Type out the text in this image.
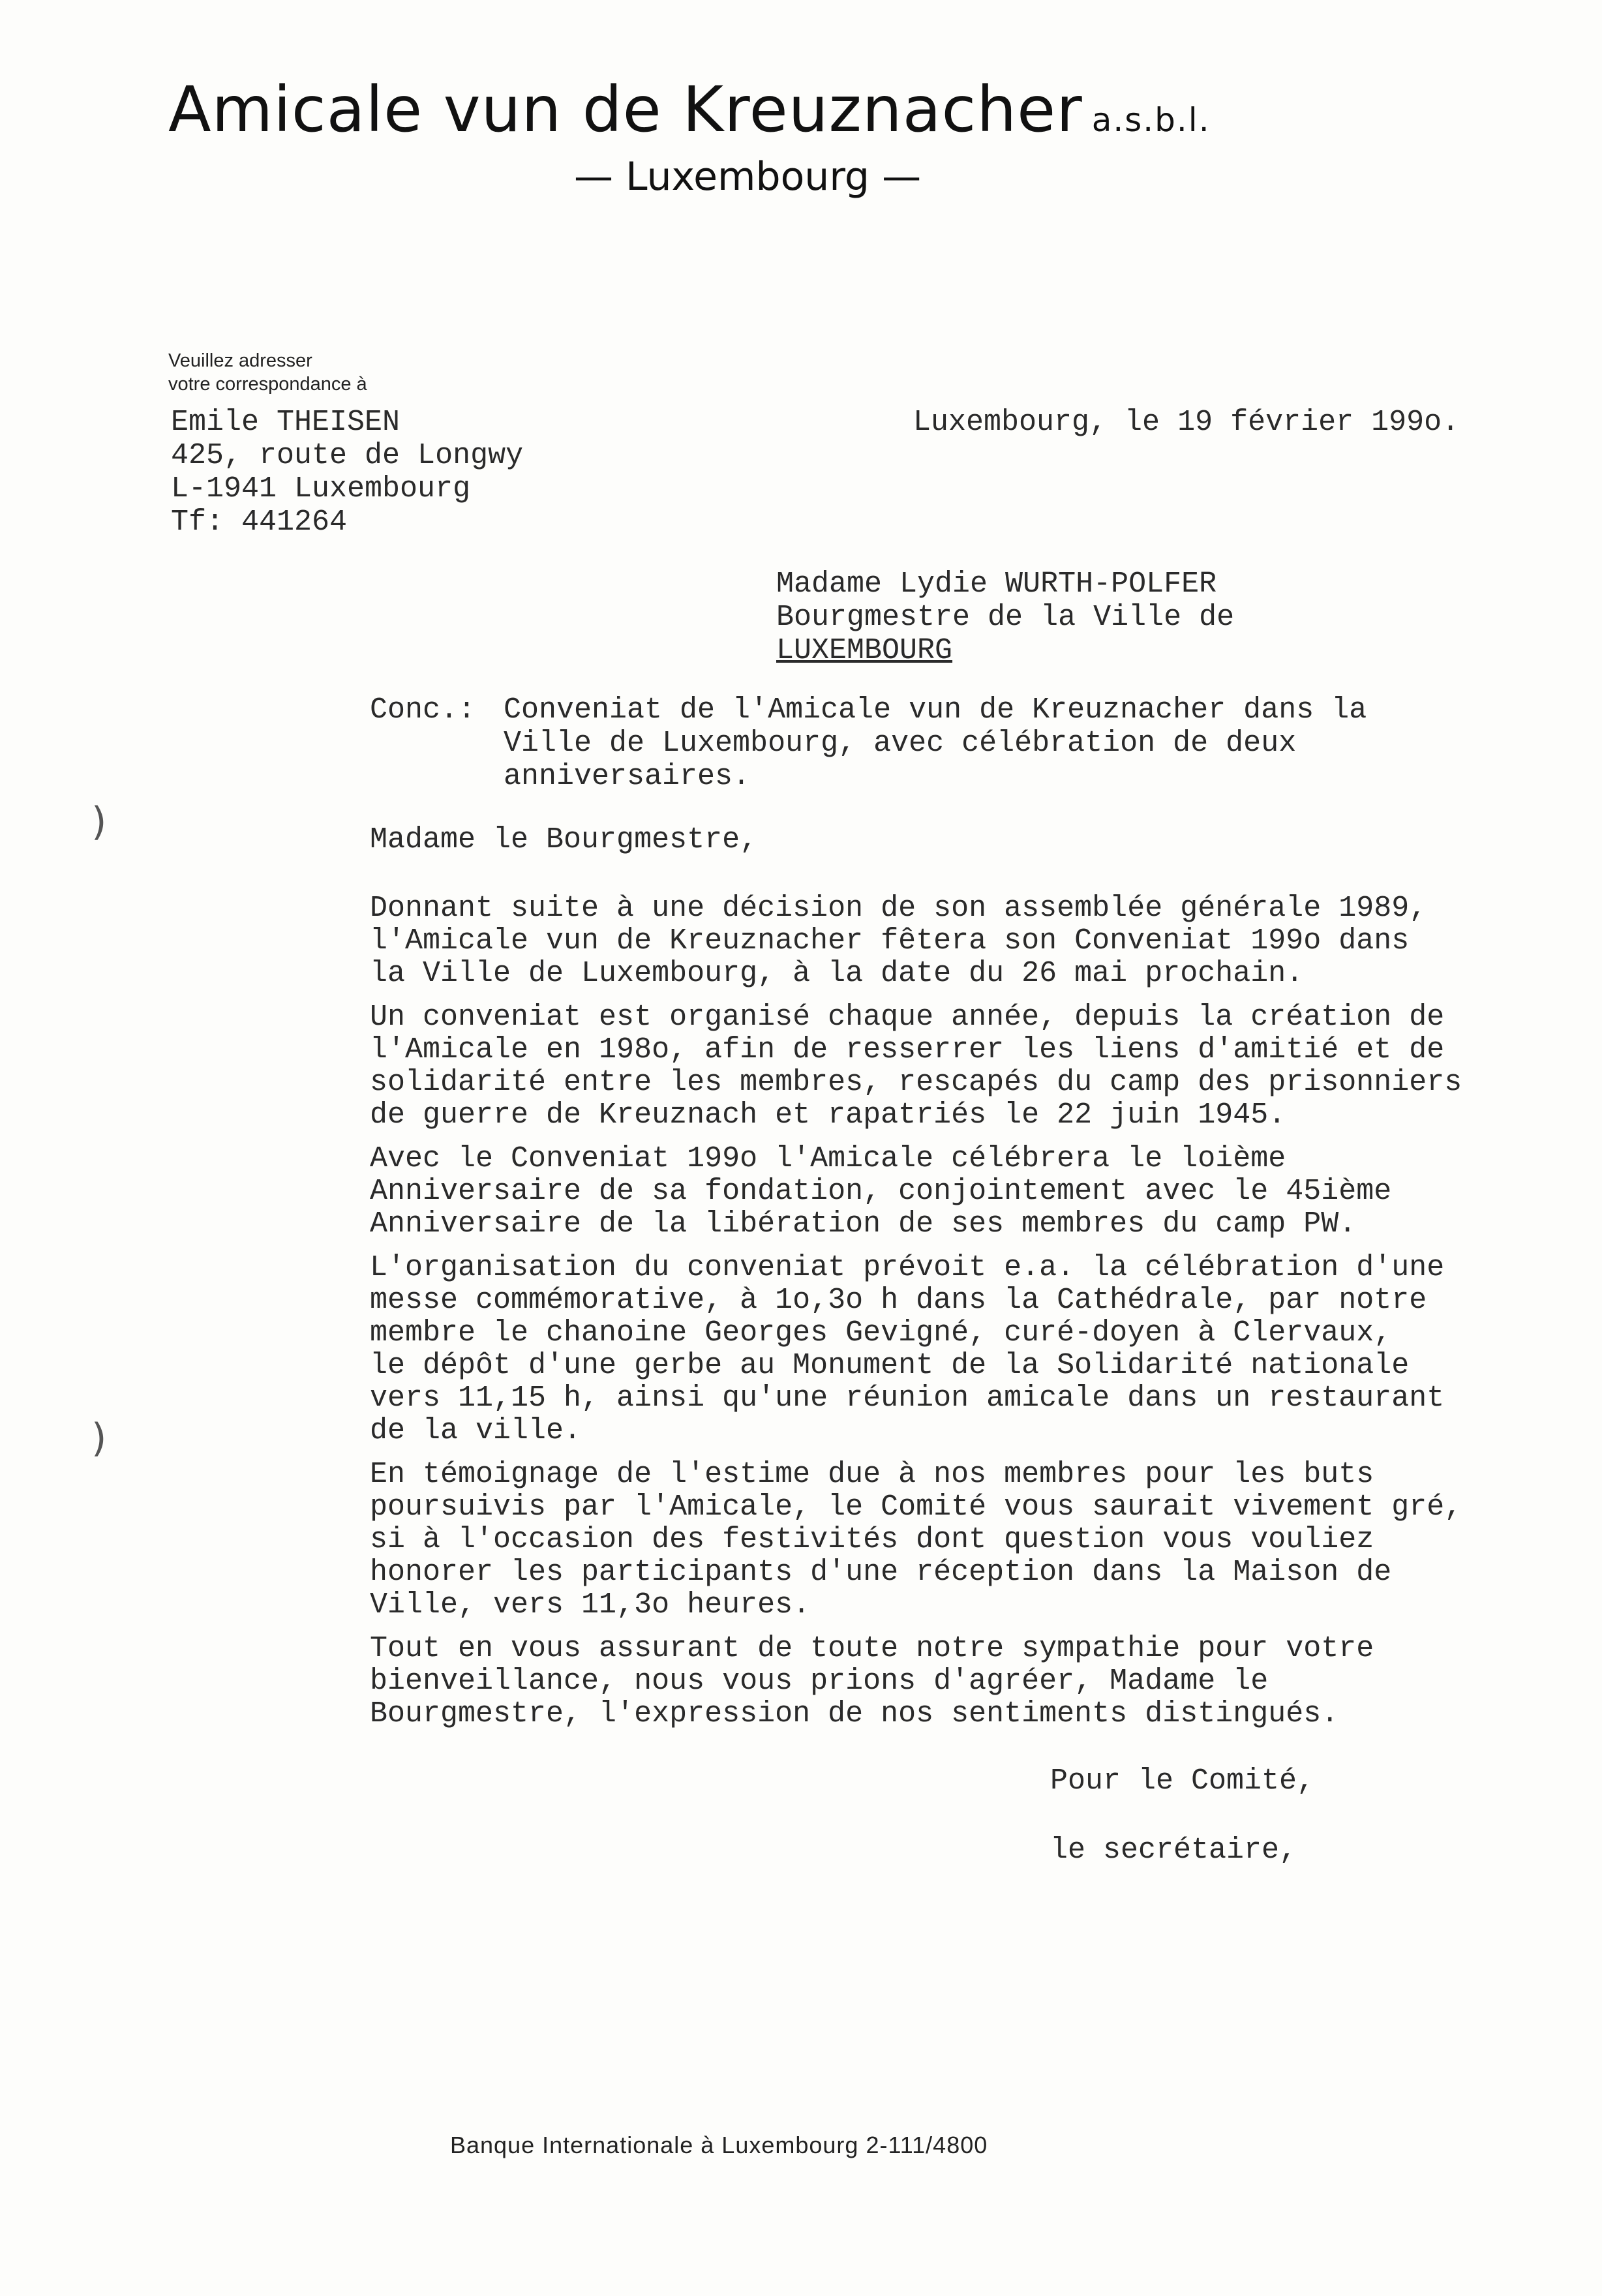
Amicale vun de Kreuznacher a.s.b.l.
— Luxembourg —
Veuillez adresser
votre correspondance à
Emile THEISEN
425, route de Longwy
L-1941 Luxembourg
Tf: 441264
Luxembourg, le 19 février 199o.
Madame Lydie WURTH-POLFER
Bourgmestre de la Ville de
LUXEMBOURG
Conc.: Conveniat de l'Amicale vun de Kreuznacher dans la
Ville de Luxembourg, avec célébration de deux
anniversaires.

Madame le Bourgmestre,

Donnant suite à une décision de son assemblée générale 1989,
l'Amicale vun de Kreuznacher fêtera son Conveniat 199o dans
la Ville de Luxembourg, à la date du 26 mai prochain.

Un conveniat est organisé chaque année, depuis la création de
l'Amicale en 198o, afin de resserrer les liens d'amitié et de
solidarité entre les membres, rescapés du camp des prisonniers
de guerre de Kreuznach et rapatriés le 22 juin 1945.

Avec le Conveniat 199o l'Amicale célébrera le loième
Anniversaire de sa fondation, conjointement avec le 45ième
Anniversaire de la libération de ses membres du camp PW.

L'organisation du conveniat prévoit e.a. la célébration d'une
messe commémorative, à 1o,3o h dans la Cathédrale, par notre
membre le chanoine Georges Gevigné, curé-doyen à Clervaux,
le dépôt d'une gerbe au Monument de la Solidarité nationale
vers 11,15 h, ainsi qu'une réunion amicale dans un restaurant
de la ville.

En témoignage de l'estime due à nos membres pour les buts
poursuivis par l'Amicale, le Comité vous saurait vivement gré,
si à l'occasion des festivités dont question vous vouliez
honorer les participants d'une réception dans la Maison de
Ville, vers 11,3o heures.

Tout en vous assurant de toute notre sympathie pour votre
bienveillance, nous vous prions d'agréer, Madame le
Bourgmestre, l'expression de nos sentiments distingués.

Pour le Comité,
le secrétaire,
Banque Internationale à Luxembourg 2-111/4800
)
)
